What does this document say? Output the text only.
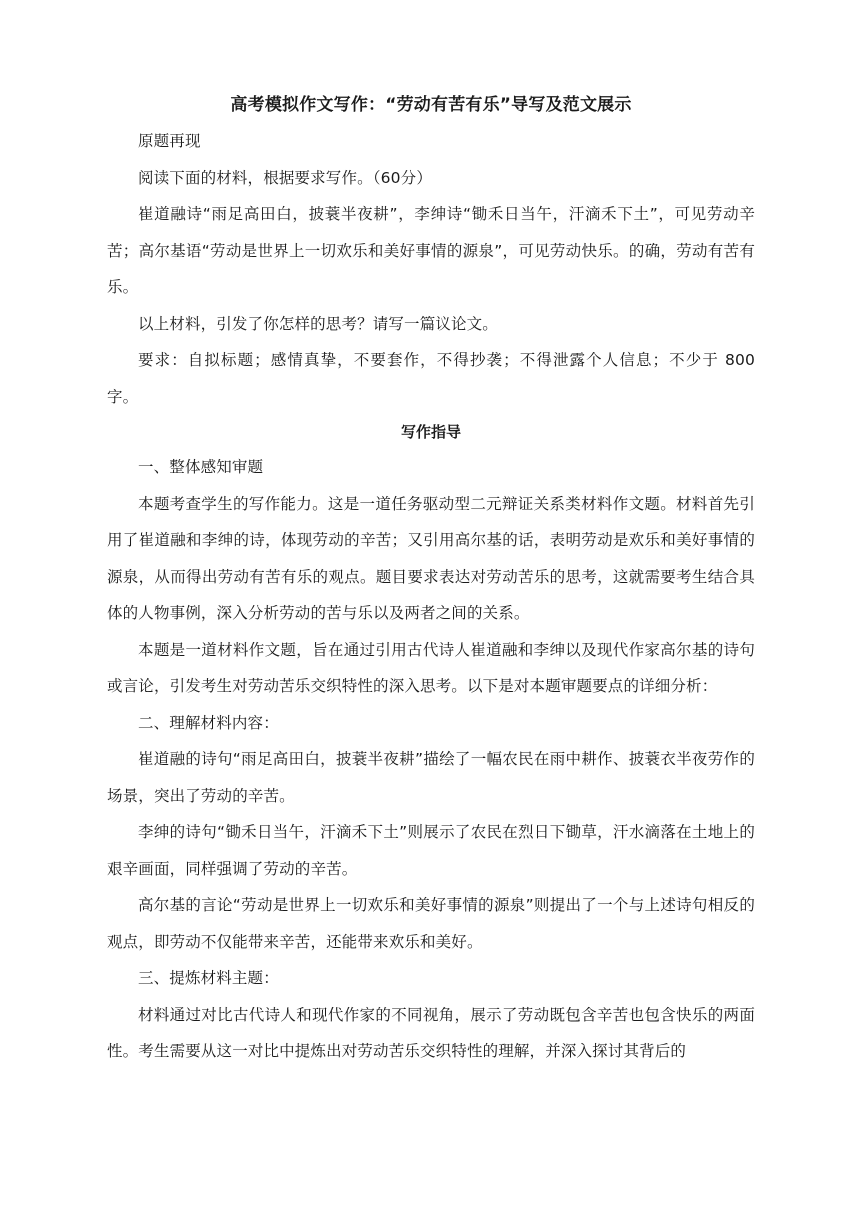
高考模拟作文写作：“劳动有苦有乐”导写及范文展示

原题再现

阅读下面的材料，根据要求写作。（60分）

崔道融诗“雨足高田白，披蓑半夜耕”，李绅诗“锄禾日当午，汗滴禾下土”，可见劳动辛苦；高尔基语“劳动是世界上一切欢乐和美好事情的源泉”，可见劳动快乐。的确，劳动有苦有乐。

以上材料，引发了你怎样的思考？请写一篇议论文。

要求：自拟标题；感情真挚，不要套作，不得抄袭；不得泄露个人信息；不少于 800 字。

写作指导

一、整体感知审题

本题考查学生的写作能力。这是一道任务驱动型二元辩证关系类材料作文题。材料首先引用了崔道融和李绅的诗，体现劳动的辛苦；又引用高尔基的话，表明劳动是欢乐和美好事情的源泉，从而得出劳动有苦有乐的观点。题目要求表达对劳动苦乐的思考，这就需要考生结合具体的人物事例，深入分析劳动的苦与乐以及两者之间的关系。

本题是一道材料作文题，旨在通过引用古代诗人崔道融和李绅以及现代作家高尔基的诗句或言论，引发考生对劳动苦乐交织特性的深入思考。以下是对本题审题要点的详细分析：

二、理解材料内容：

崔道融的诗句“雨足高田白，披蓑半夜耕”描绘了一幅农民在雨中耕作、披蓑衣半夜劳作的场景，突出了劳动的辛苦。

李绅的诗句“锄禾日当午，汗滴禾下土”则展示了农民在烈日下锄草，汗水滴落在土地上的艰辛画面，同样强调了劳动的辛苦。

高尔基的言论“劳动是世界上一切欢乐和美好事情的源泉”则提出了一个与上述诗句相反的观点，即劳动不仅能带来辛苦，还能带来欢乐和美好。

三、提炼材料主题：

材料通过对比古代诗人和现代作家的不同视角，展示了劳动既包含辛苦也包含快乐的两面性。考生需要从这一对比中提炼出对劳动苦乐交织特性的理解，并深入探讨其背后的
